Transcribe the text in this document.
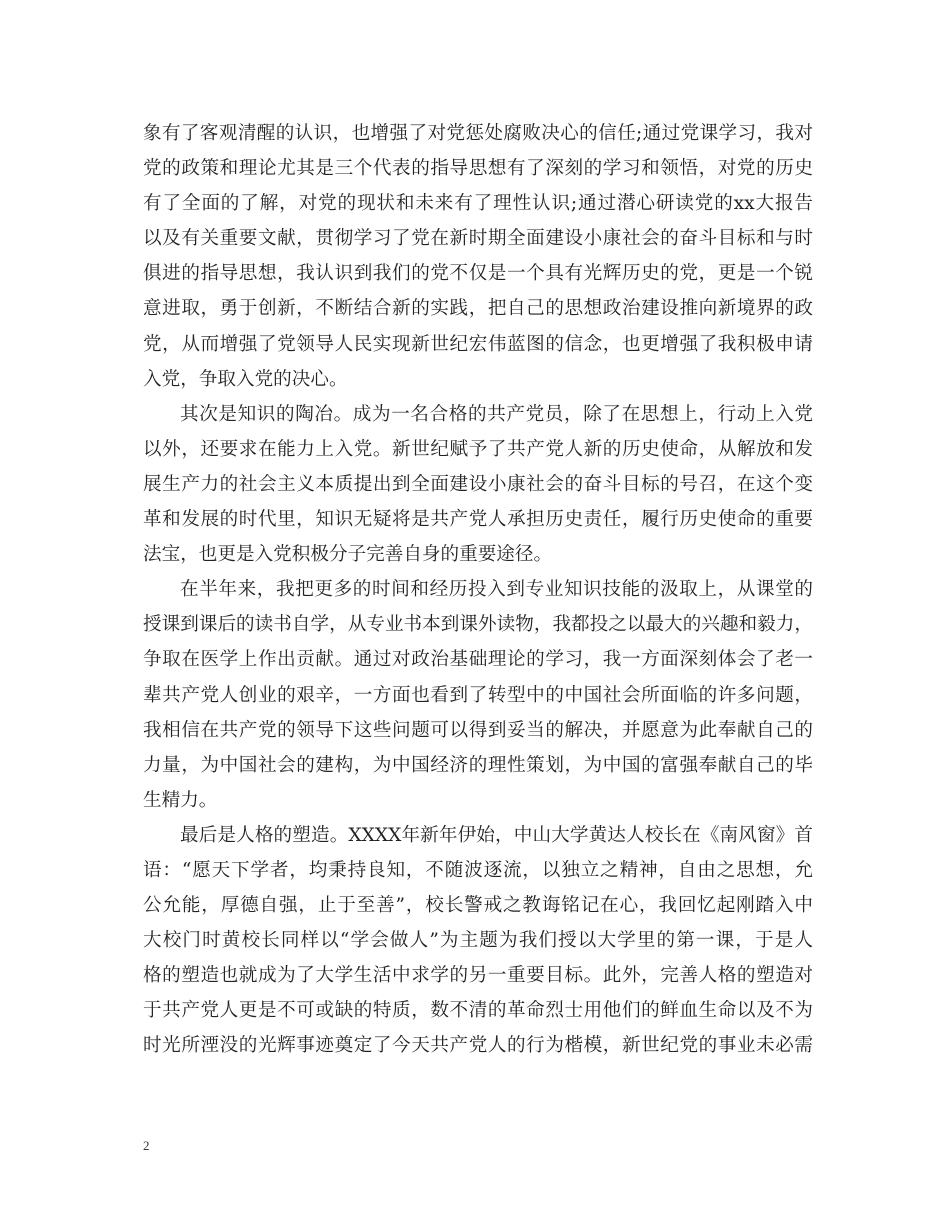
象有了客观清醒的认识，也增强了对党惩处腐败决心的信任;通过党课学习，我对
党的政策和理论尤其是三个代表的指导思想有了深刻的学习和领悟，对党的历史
有了全面的了解，对党的现状和未来有了理性认识;通过潜心研读党的xx大报告
以及有关重要文献，贯彻学习了党在新时期全面建设小康社会的奋斗目标和与时
俱进的指导思想，我认识到我们的党不仅是一个具有光辉历史的党，更是一个锐
意进取，勇于创新，不断结合新的实践，把自己的思想政治建设推向新境界的政
党，从而增强了党领导人民实现新世纪宏伟蓝图的信念，也更增强了我积极申请
入党，争取入党的决心。
其次是知识的陶冶。成为一名合格的共产党员，除了在思想上，行动上入党
以外，还要求在能力上入党。新世纪赋予了共产党人新的历史使命，从解放和发
展生产力的社会主义本质提出到全面建设小康社会的奋斗目标的号召，在这个变
革和发展的时代里，知识无疑将是共产党人承担历史责任，履行历史使命的重要
法宝，也更是入党积极分子完善自身的重要途径。
在半年来，我把更多的时间和经历投入到专业知识技能的汲取上，从课堂的
授课到课后的读书自学，从专业书本到课外读物，我都投之以最大的兴趣和毅力，
争取在医学上作出贡献。通过对政治基础理论的学习，我一方面深刻体会了老一
辈共产党人创业的艰辛，一方面也看到了转型中的中国社会所面临的许多问题，
我相信在共产党的领导下这些问题可以得到妥当的解决，并愿意为此奉献自己的
力量，为中国社会的建构，为中国经济的理性策划，为中国的富强奉献自己的毕
生精力。
最后是人格的塑造。XXXX年新年伊始，中山大学黄达人校长在《南风窗》首
语：“愿天下学者，均秉持良知，不随波逐流，以独立之精神，自由之思想，允
公允能，厚德自强，止于至善”，校长警戒之教诲铭记在心，我回忆起刚踏入中
大校门时黄校长同样以“学会做人”为主题为我们授以大学里的第一课，于是人
格的塑造也就成为了大学生活中求学的另一重要目标。此外，完善人格的塑造对
于共产党人更是不可或缺的特质，数不清的革命烈士用他们的鲜血生命以及不为
时光所湮没的光辉事迹奠定了今天共产党人的行为楷模，新世纪党的事业未必需
2
